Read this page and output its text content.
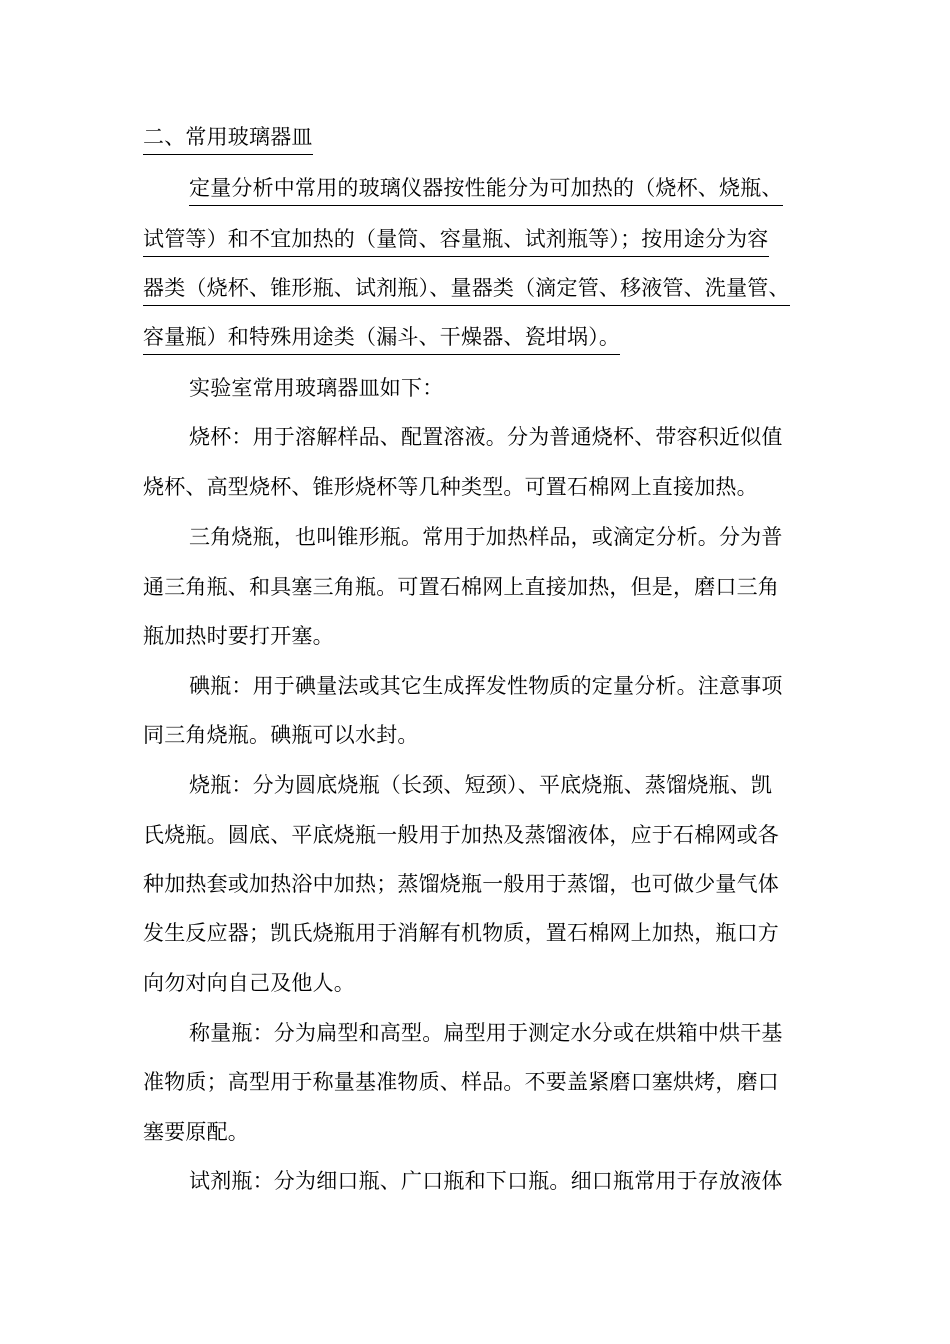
二、常用玻璃器皿
定量分析中常用的玻璃仪器按性能分为可加热的（烧杯、烧瓶、
试管等）和不宜加热的（量筒、容量瓶、试剂瓶等）；按用途分为容
器类（烧杯、锥形瓶、试剂瓶）、量器类（滴定管、移液管、洗量管、
容量瓶）和特殊用途类（漏斗、干燥器、瓷坩埚）。
实验室常用玻璃器皿如下：
烧杯：用于溶解样品、配置溶液。分为普通烧杯、带容积近似值
烧杯、高型烧杯、锥形烧杯等几种类型。可置石棉网上直接加热。
三角烧瓶，也叫锥形瓶。常用于加热样品，或滴定分析。分为普
通三角瓶、和具塞三角瓶。可置石棉网上直接加热，但是，磨口三角
瓶加热时要打开塞。
碘瓶：用于碘量法或其它生成挥发性物质的定量分析。注意事项
同三角烧瓶。碘瓶可以水封。
烧瓶：分为圆底烧瓶（长颈、短颈）、平底烧瓶、蒸馏烧瓶、凯
氏烧瓶。圆底、平底烧瓶一般用于加热及蒸馏液体，应于石棉网或各
种加热套或加热浴中加热；蒸馏烧瓶一般用于蒸馏，也可做少量气体
发生反应器；凯氏烧瓶用于消解有机物质，置石棉网上加热，瓶口方
向勿对向自己及他人。
称量瓶：分为扁型和高型。扁型用于测定水分或在烘箱中烘干基
准物质；高型用于称量基准物质、样品。不要盖紧磨口塞烘烤，磨口
塞要原配。
试剂瓶：分为细口瓶、广口瓶和下口瓶。细口瓶常用于存放液体
